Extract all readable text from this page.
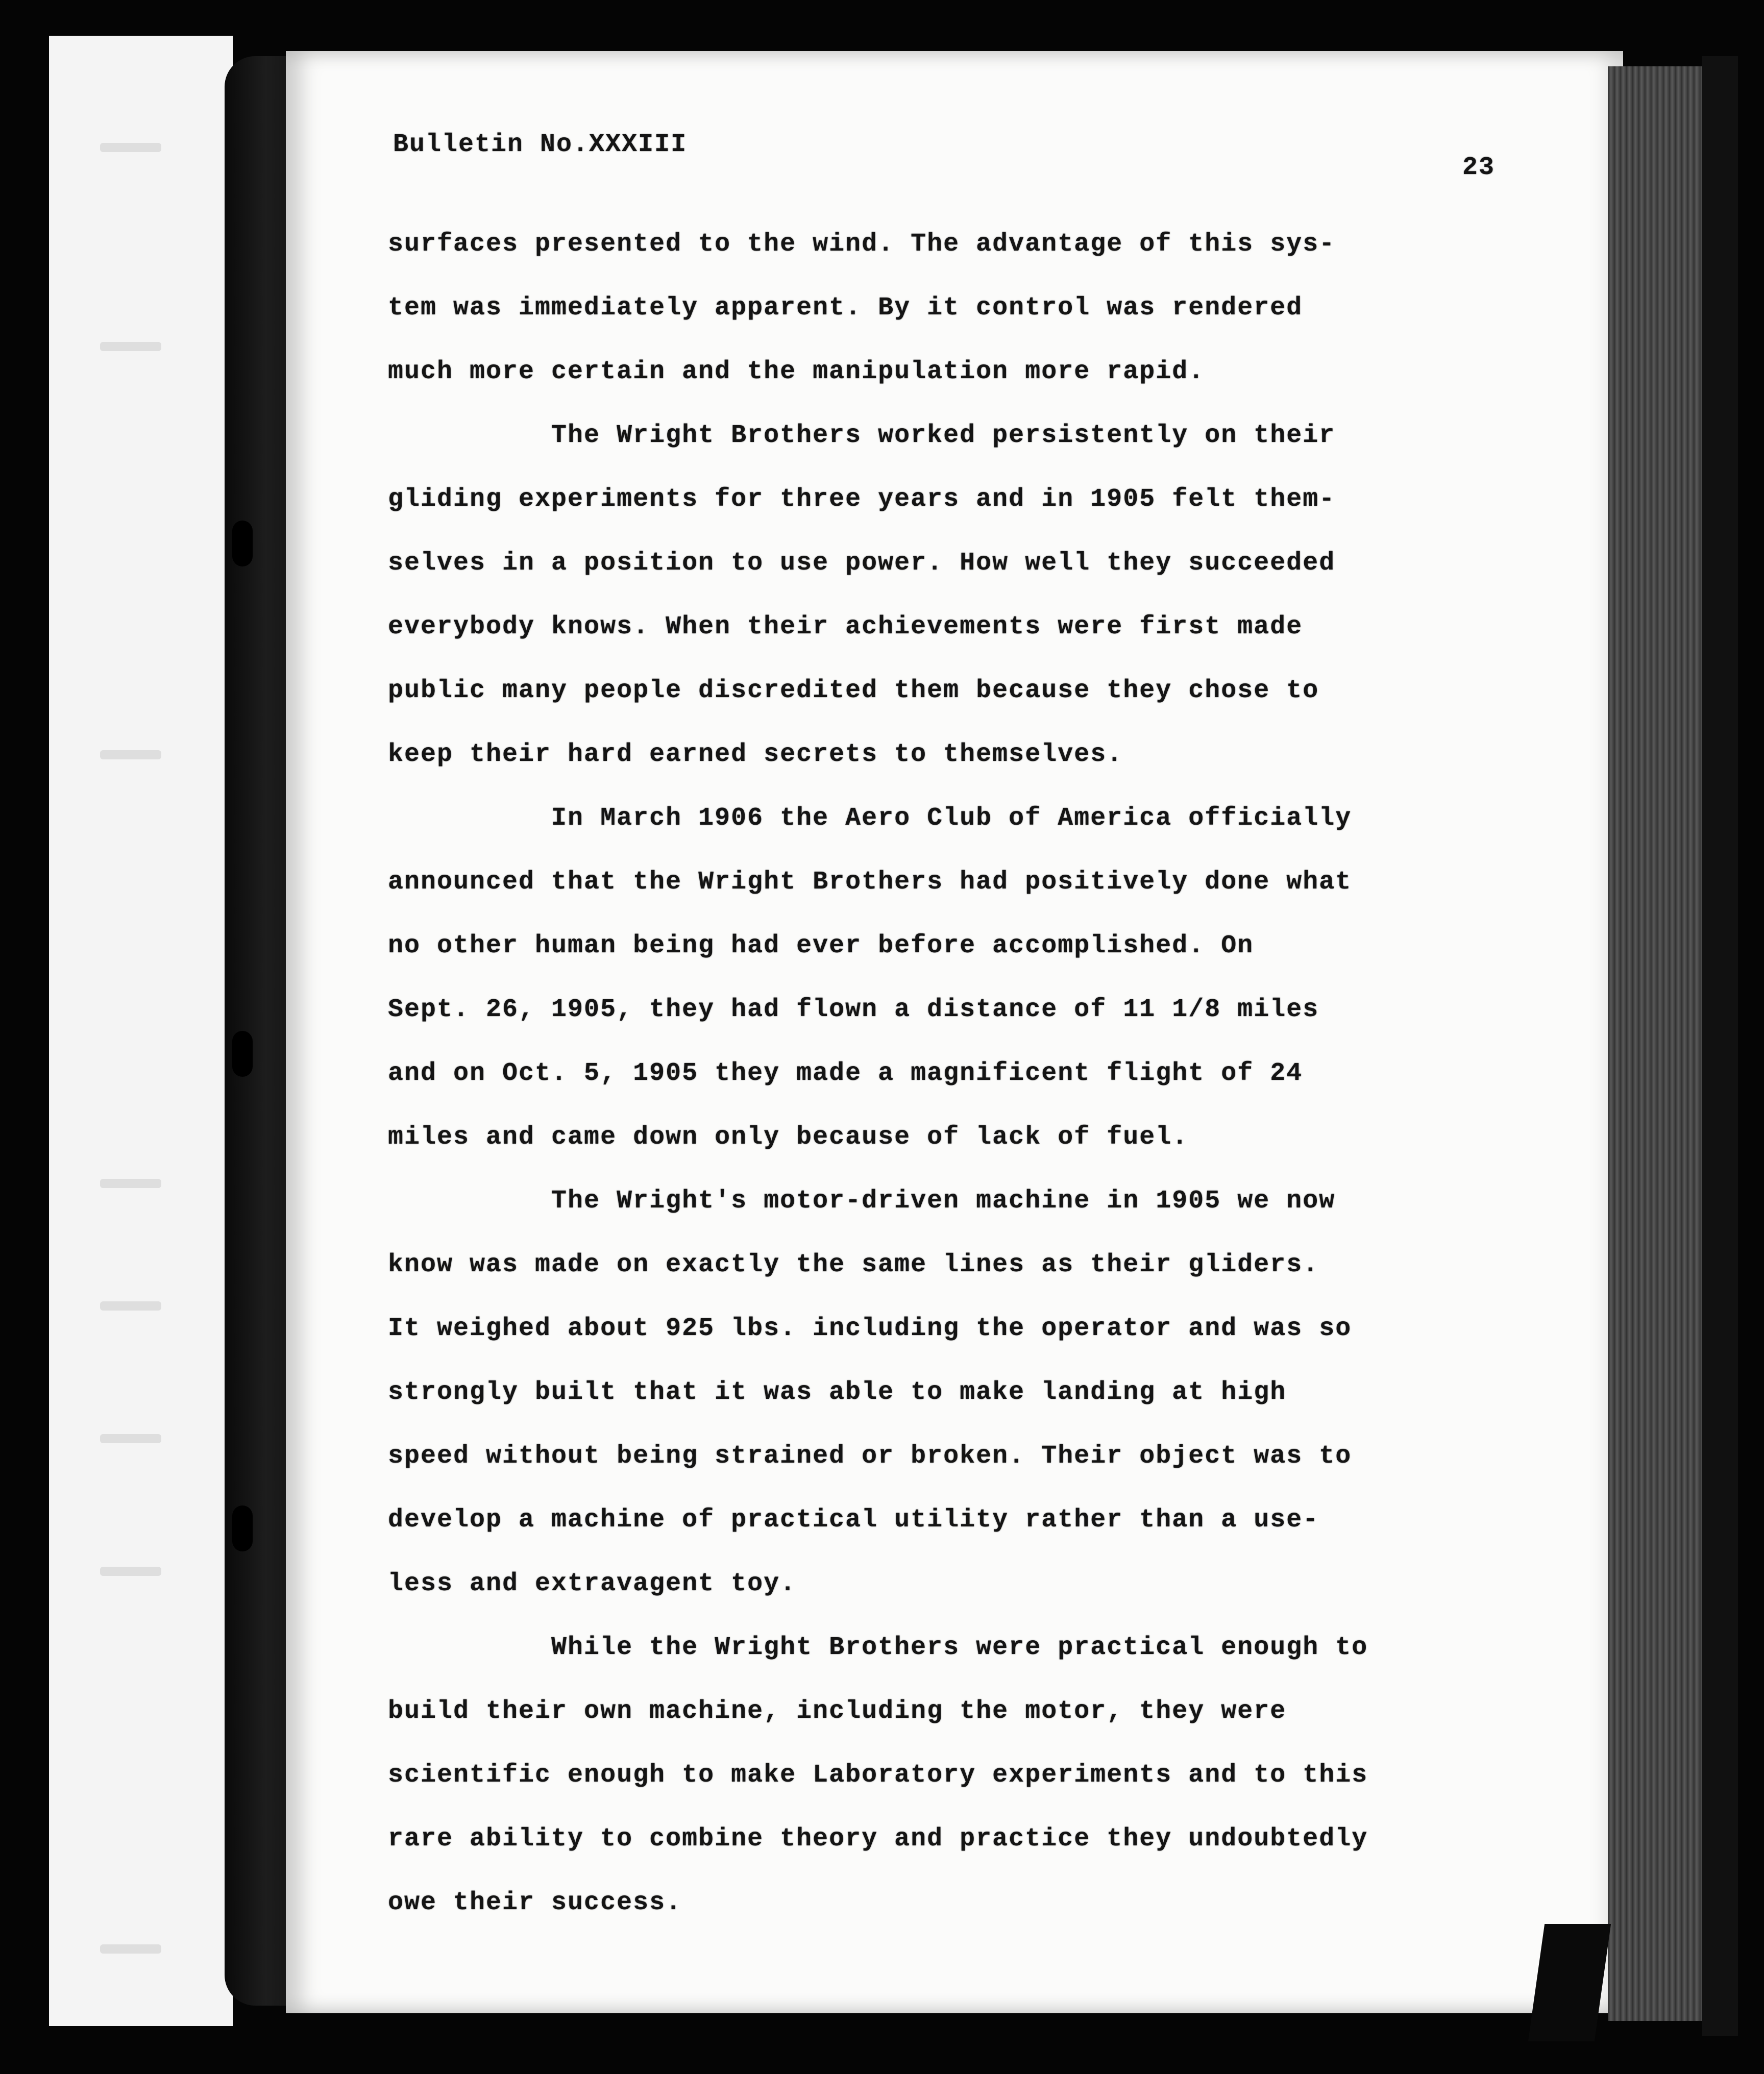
Bulletin No.XXXIII
23
surfaces presented to the wind. The advantage of this sys-
tem was immediately apparent. By it control was rendered
much more certain and the manipulation more rapid.
The Wright Brothers worked persistently on their
gliding experiments for three years and in 1905 felt them-
selves in a position to use power. How well they succeeded
everybody knows. When their achievements were first made
public many people discredited them because they chose to
keep their hard earned secrets to themselves.
In March 1906 the Aero Club of America officially
announced that the Wright Brothers had positively done what
no other human being had ever before accomplished. On
Sept. 26, 1905, they had flown a distance of 11 1/8 miles
and on Oct. 5, 1905 they made a magnificent flight of 24
miles and came down only because of lack of fuel.
The Wright's motor-driven machine in 1905 we now
know was made on exactly the same lines as their gliders.
It weighed about 925 lbs. including the operator and was so
strongly built that it was able to make landing at high
speed without being strained or broken. Their object was to
develop a machine of practical utility rather than a use-
less and extravagent toy.
While the Wright Brothers were practical enough to
build their own machine, including the motor, they were
scientific enough to make Laboratory experiments and to this
rare ability to combine theory and practice they undoubtedly
owe their success.
